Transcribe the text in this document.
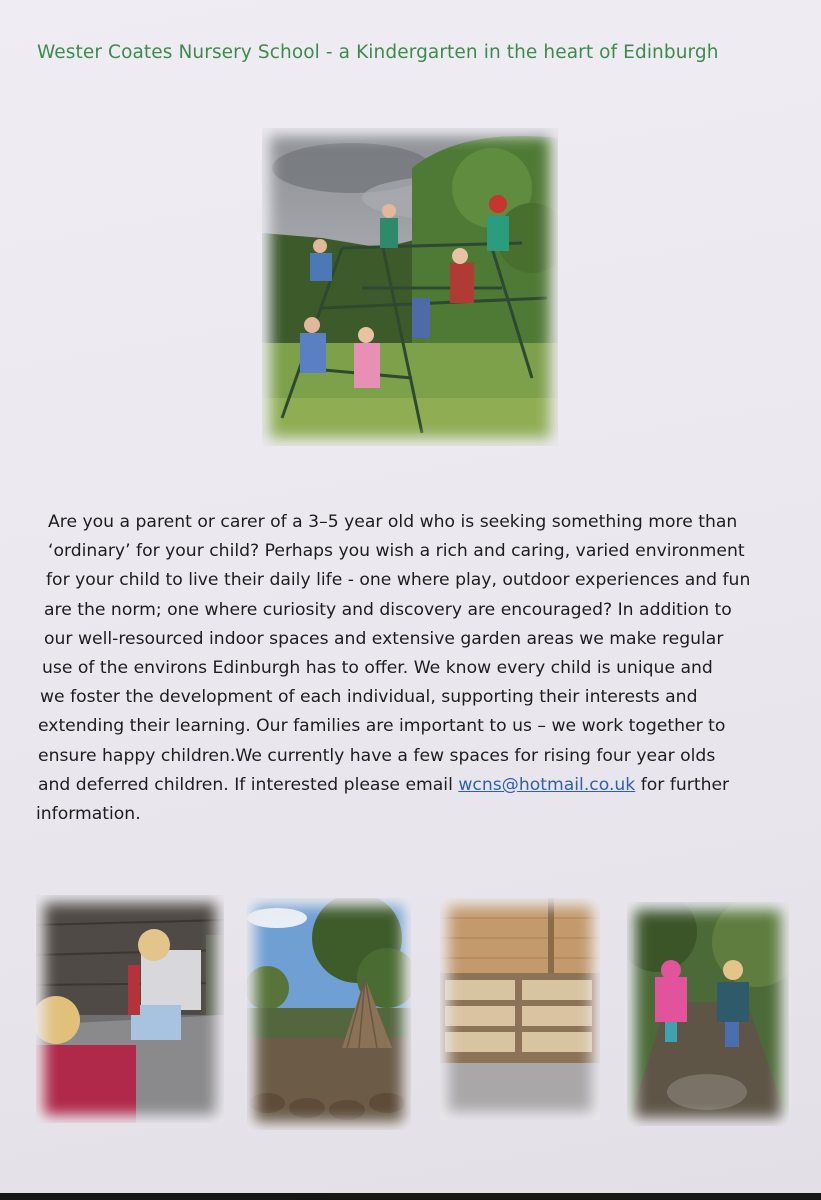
Wester Coates Nursery School - a Kindergarten in the heart of Edinburgh
Are you a parent or carer of a 3–5 year old who is seeking something more than
‘ordinary’ for your child? Perhaps you wish a rich and caring, varied environment
for your child to live their daily life - one where play, outdoor experiences and fun
are the norm; one where curiosity and discovery are encouraged? In addition to
our well-resourced indoor spaces and extensive garden areas we make regular
use of the environs Edinburgh has to offer. We know every child is unique and
we foster the development of each individual, supporting their interests and
extending their learning. Our families are important to us – we work together to
ensure happy children.We currently have a few spaces for rising four year olds
and deferred children. If interested please email wcns@hotmail.co.uk for further
information.
